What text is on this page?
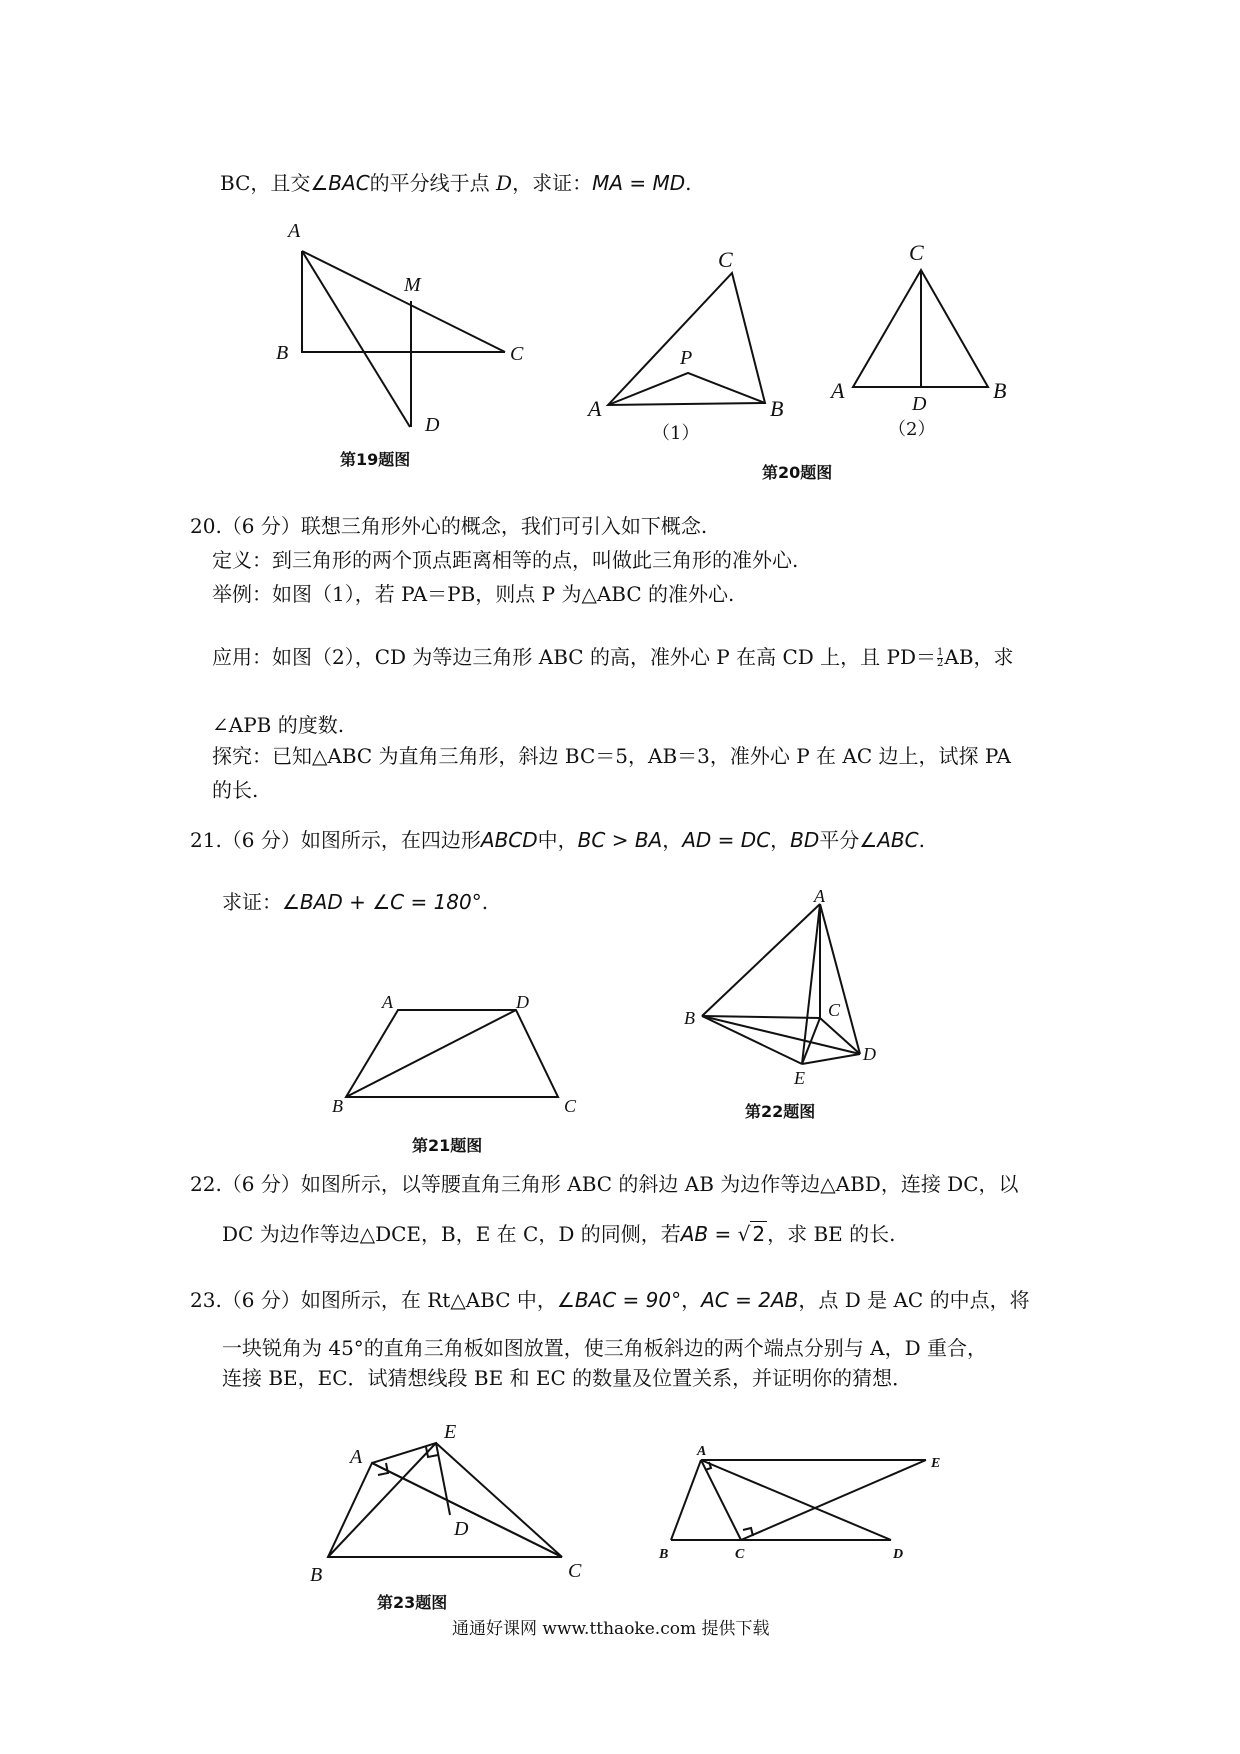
BC，且交∠BAC的平分线于点 D，求证：MA = MD.
A
B	C
M
D
第19题图
C
P
A	B
（1）
C
A
D
B
（2）
第20题图
20.（6 分）联想三角形外心的概念，我们可引入如下概念.
定义：到三角形的两个顶点距离相等的点，叫做此三角形的准外心.
举例：如图（1），若 PA＝PB，则点 P 为△ABC 的准外心.
应用：如图（2），CD 为等边三角形 ABC 的高，准外心 P 在高 CD 上，且 $PD= \frac{1}{2}$ AB，求
∠APB 的度数.
探究：已知△ABC 为直角三角形，斜边 BC＝5，AB＝3，准外心 P 在 AC 边上，试探 PA
的长.
21.（6 分）如图所示，在四边形ABCD中，BC > BA，AD = DC，BD平分∠ABC.
求证：∠BAD + ∠C = 180°.
A	D
B	C
第21题图
A
B	C
D
E
第22题图
22.（6 分）如图所示，以等腰直角三角形 ABC 的斜边 AB 为边作等边△ABD，连接 DC，以
DC 为边作等边△DCE，B，E 在 C，D 的同侧，若AB = √ 2 ，求 BE 的长.
23.（6 分）如图所示，在 Rt△ABC 中，∠BAC = 90°，AC = 2AB，点 D 是 AC 的中点，将
一块锐角为 45°的直角三角板如图放置，使三角板斜边的两个端点分别与 A，D 重合，
连接 BE，EC．试猜想线段 BE 和 EC 的数量及位置关系，并证明你的猜想．
A
E
D
B	C
第23题图
A
E
B	C	D
通通好课网 www.tthaoke.com 提供下载
